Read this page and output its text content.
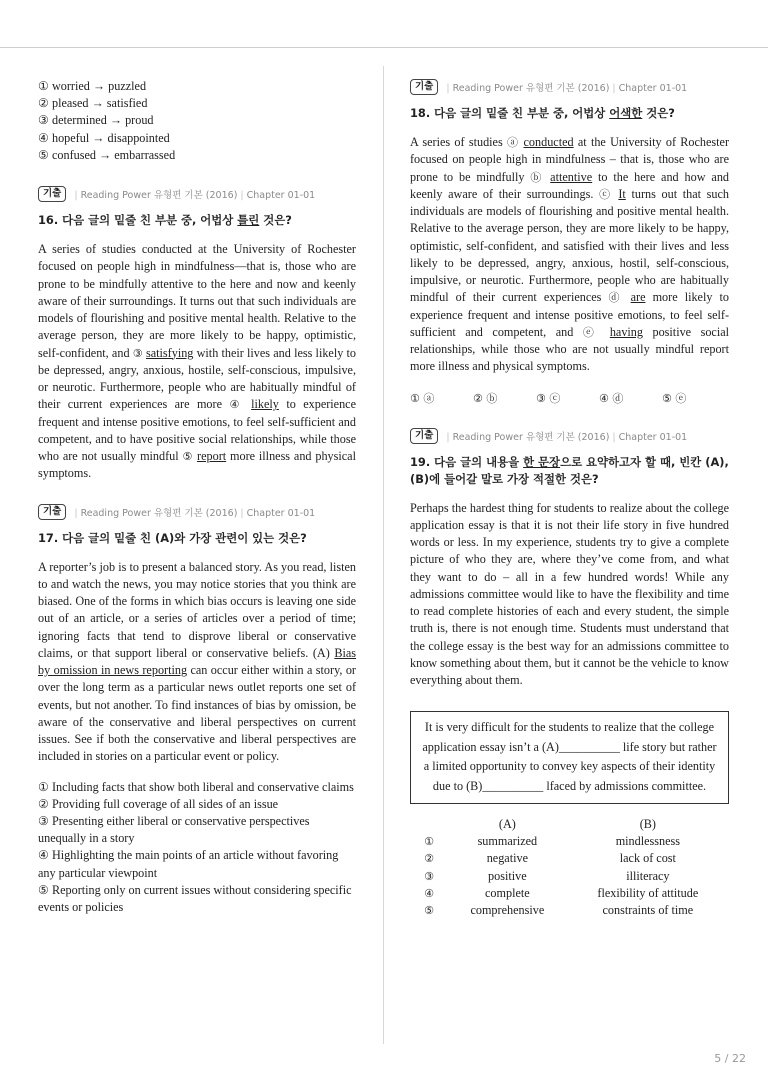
① worried → puzzled

② pleased → satisfied

③ determined → proud

④ hopeful → disappointed

⑤ confused → embarrassed

기출	| Reading Power 유형편 기본 (2016) | Chapter 01-01
16. 다음 글의 밑줄 친 부분 중, 어법상 틀린 것은?

A series of studies conducted at the University of Rochester focused on people high in mindfulness—that is, those who are prone to be mindfully attentive to the here and now and keenly aware of their surroundings. It turns out that such individuals are models of flourishing and positive mental health. Relative to the average person, they are more likely to be happy, optimistic, self-confident, and ③ satisfying with their lives and less likely to be depressed, angry, anxious, hostile, self-conscious, impulsive, or neurotic. Furthermore, people who are habitually mindful of their current experiences are more ④ likely to experience frequent and intense positive emotions, to feel self-sufficient and competent, and to have positive social relationships, while those who are not usually mindful ⑤ report more illness and physical symptoms.

기출	| Reading Power 유형편 기본 (2016) | Chapter 01-01
17. 다음 글의 밑줄 친 (A)와 가장 관련이 있는 것은?

A reporter’s job is to present a balanced story. As you read, listen to and watch the news, you may notice stories that you think are biased. One of the forms in which bias occurs is leaving one side out of an article, or a series of articles over a period of time; ignoring facts that tend to disprove liberal or conservative claims, or that support liberal or conservative beliefs. (A) Bias by omission in news reporting can occur either within a story, or over the long term as a particular news outlet reports one set of events, but not another. To find instances of bias by omission, be aware of the conservative and liberal perspectives on current issues. See if both the conservative and liberal perspectives are included in stories on a particular event or policy.

① Including facts that show both liberal and conservative claims

② Providing full coverage of all sides of an issue

③ Presenting either liberal or conservative perspectives unequally in a story

④ Highlighting the main points of an article without favoring any particular viewpoint

⑤ Reporting only on current issues without considering specific events or policies

기출	| Reading Power 유형편 기본 (2016) | Chapter 01-01
18. 다음 글의 밑줄 친 부분 중, 어법상 어색한 것은?

A series of studies ⓐ conducted at the University of Rochester focused on people high in mindfulness – that is, those who are prone to be mindfully ⓑ attentive to the here and how and keenly aware of their surroundings. ⓒ It turns out that such individuals are models of flourishing and positive mental health. Relative to the average person, they are more likely to be happy, optimistic, self-confident, and satisfied with their lives and less likely to be depressed, angry, anxious, hostil, self-conscious, impulsive, or neurotic. Furthermore, people who are habitually mindful of their current experiences ⓓ are more likely to experience frequent and intense positive emotions, to feel self-sufficient and competent, and ⓔ having positive social relationships, while those who are not usually mindful report more illness and physical symptoms.

① ⓐ	② ⓑ	③ ⓒ	④ ⓓ	⑤ ⓔ
기출	| Reading Power 유형편 기본 (2016) | Chapter 01-01
19. 다음 글의 내용을 한 문장으로 요약하고자 할 때, 빈칸 (A), (B)에 들어갈 말로 가장 적절한 것은?

Perhaps the hardest thing for students to realize about the college application essay is that it is not their life story in five hundred words or less. In my experience, students try to give a complete picture of who they are, where they’ve come from, and what they want to do – all in a few hundred words! While any admissions committee would like to have the flexibility and time to read complete histories of each and every student, the simple truth is, there is not enough time. Students must understand that the college essay is the best way for an admissions committee to know something about them, but it cannot be the vehicle to know everything about them.

It is very difficult for the students to realize that the college application essay isn’t a (A)__________ life story but rather a limited opportunity to convey key aspects of their identity due to (B)__________ lfaced by admissions committee.
	(A)	(B)
①	summarized	mindlessness
②	negative	lack of cost
③	positive	illiteracy
④	complete	flexibility of attitude
⑤	comprehensive	constraints of time
5 / 22
